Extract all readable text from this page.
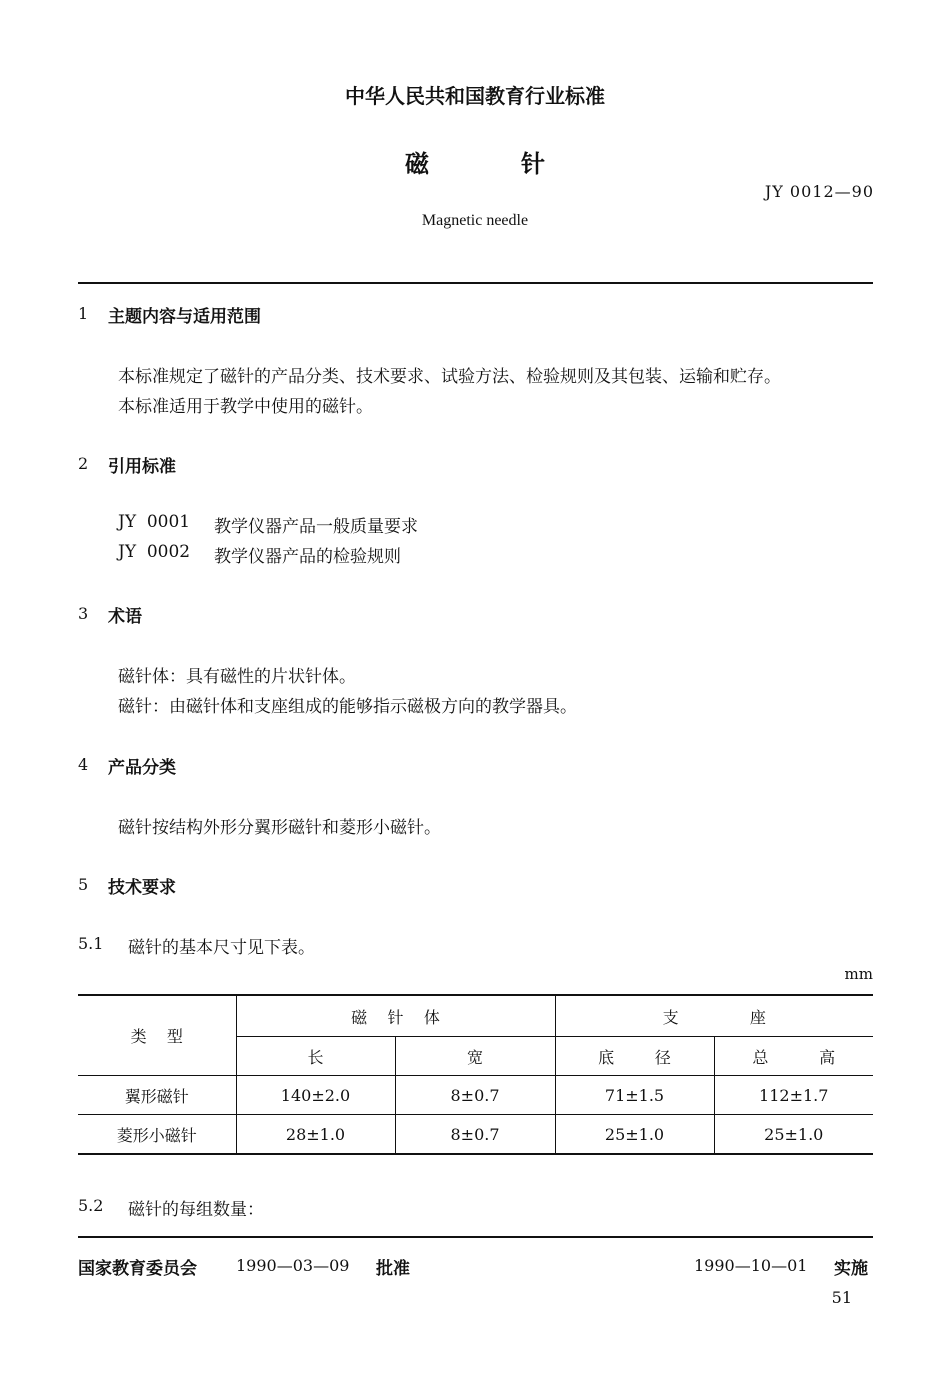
中华人民共和国教育行业标准
磁	针
JY 0012—90
Magnetic needle
1 主题内容与适用范围
本标准规定了磁针的产品分类、技术要求、试验方法、检验规则及其包装、运输和贮存。
本标准适用于教学中使用的磁针。
2 引用标准
JY  0001 教学仪器产品一般质量要求
JY  0002 教学仪器产品的检验规则
3 术语
磁针体：具有磁性的片状针体。
磁针：由磁针体和支座组成的能够指示磁极方向的教学器具。
4 产品分类
磁针按结构外形分翼形磁针和菱形小磁针。
5 技术要求
5.1 磁针的基本尺寸见下表。
mm
类    型	磁    针    体		支              座	
	长	宽	底        径	总          高
翼形磁针	140±2.0	8±0.7	71±1.5	112±1.7
菱形小磁针	28±1.0	8±0.7	25±1.0	25±1.0
5.2 磁针的每组数量：
国家教育委员会 1990—03—09 批准	1990—10—01 实施
51
